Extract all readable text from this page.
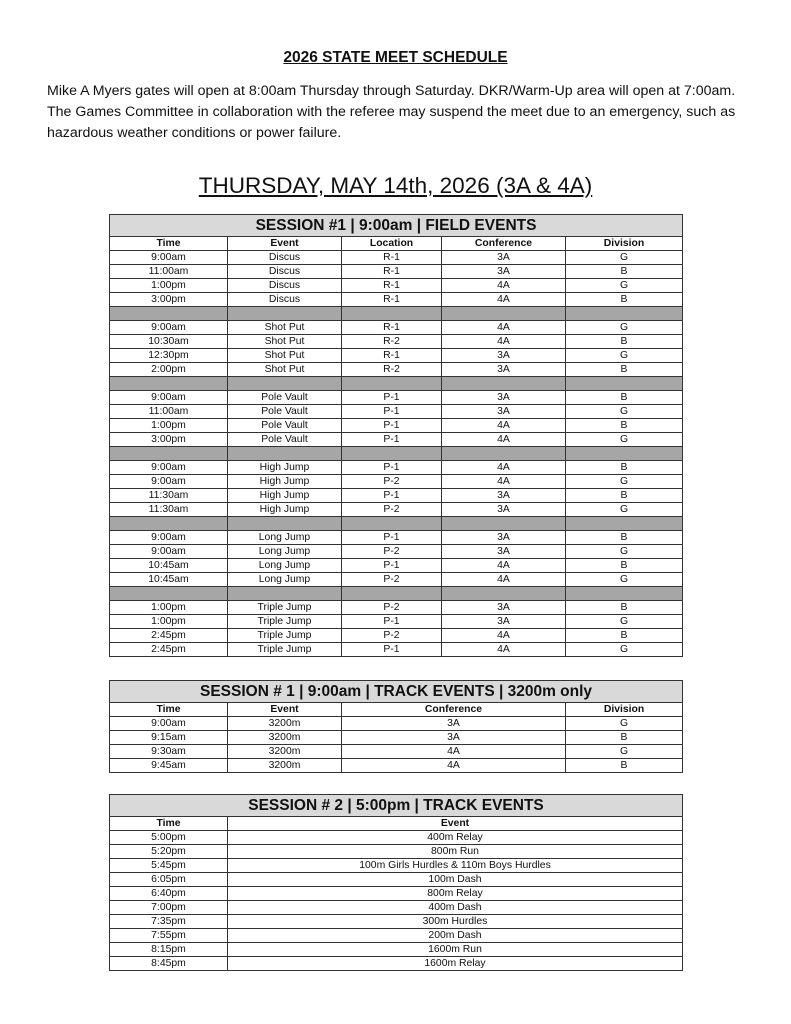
2026 STATE MEET SCHEDULE

Mike A Myers gates will open at 8:00am Thursday through Saturday. DKR/Warm-Up area will open at 7:00am. The Games Committee in collaboration with the referee may suspend the meet due to an emergency, such as hazardous weather conditions or power failure.

THURSDAY, MAY 14th, 2026 (3A & 4A)
SESSION #1 | 9:00am | FIELD EVENTS				
Time	Event	Location	Conference	Division
9:00am	Discus	R-1	3A	G
11:00am	Discus	R-1	3A	B
1:00pm	Discus	R-1	4A	G
3:00pm	Discus	R-1	4A	B

9:00am	Shot Put	R-1	4A	G
10:30am	Shot Put	R-2	4A	B
12:30pm	Shot Put	R-1	3A	G
2:00pm	Shot Put	R-2	3A	B

9:00am	Pole Vault	P-1	3A	B
11:00am	Pole Vault	P-1	3A	G
1:00pm	Pole Vault	P-1	4A	B
3:00pm	Pole Vault	P-1	4A	G

9:00am	High Jump	P-1	4A	B
9:00am	High Jump	P-2	4A	G
11:30am	High Jump	P-1	3A	B
11:30am	High Jump	P-2	3A	G

9:00am	Long Jump	P-1	3A	B
9:00am	Long Jump	P-2	3A	G
10:45am	Long Jump	P-1	4A	B
10:45am	Long Jump	P-2	4A	G

1:00pm	Triple Jump	P-2	3A	B
1:00pm	Triple Jump	P-1	3A	G
2:45pm	Triple Jump	P-2	4A	B
2:45pm	Triple Jump	P-1	4A	G
SESSION # 1 | 9:00am | TRACK EVENTS | 3200m only			
Time	Event	Conference	Division
9:00am	3200m	3A	G
9:15am	3200m	3A	B
9:30am	3200m	4A	G
9:45am	3200m	4A	B
SESSION # 2 | 5:00pm | TRACK EVENTS	
Time	Event
5:00pm	400m Relay
5:20pm	800m Run
5:45pm	100m Girls Hurdles & 110m Boys Hurdles
6:05pm	100m Dash
6:40pm	800m Relay
7:00pm	400m Dash
7:35pm	300m Hurdles
7:55pm	200m Dash
8:15pm	1600m Run
8:45pm	1600m Relay
